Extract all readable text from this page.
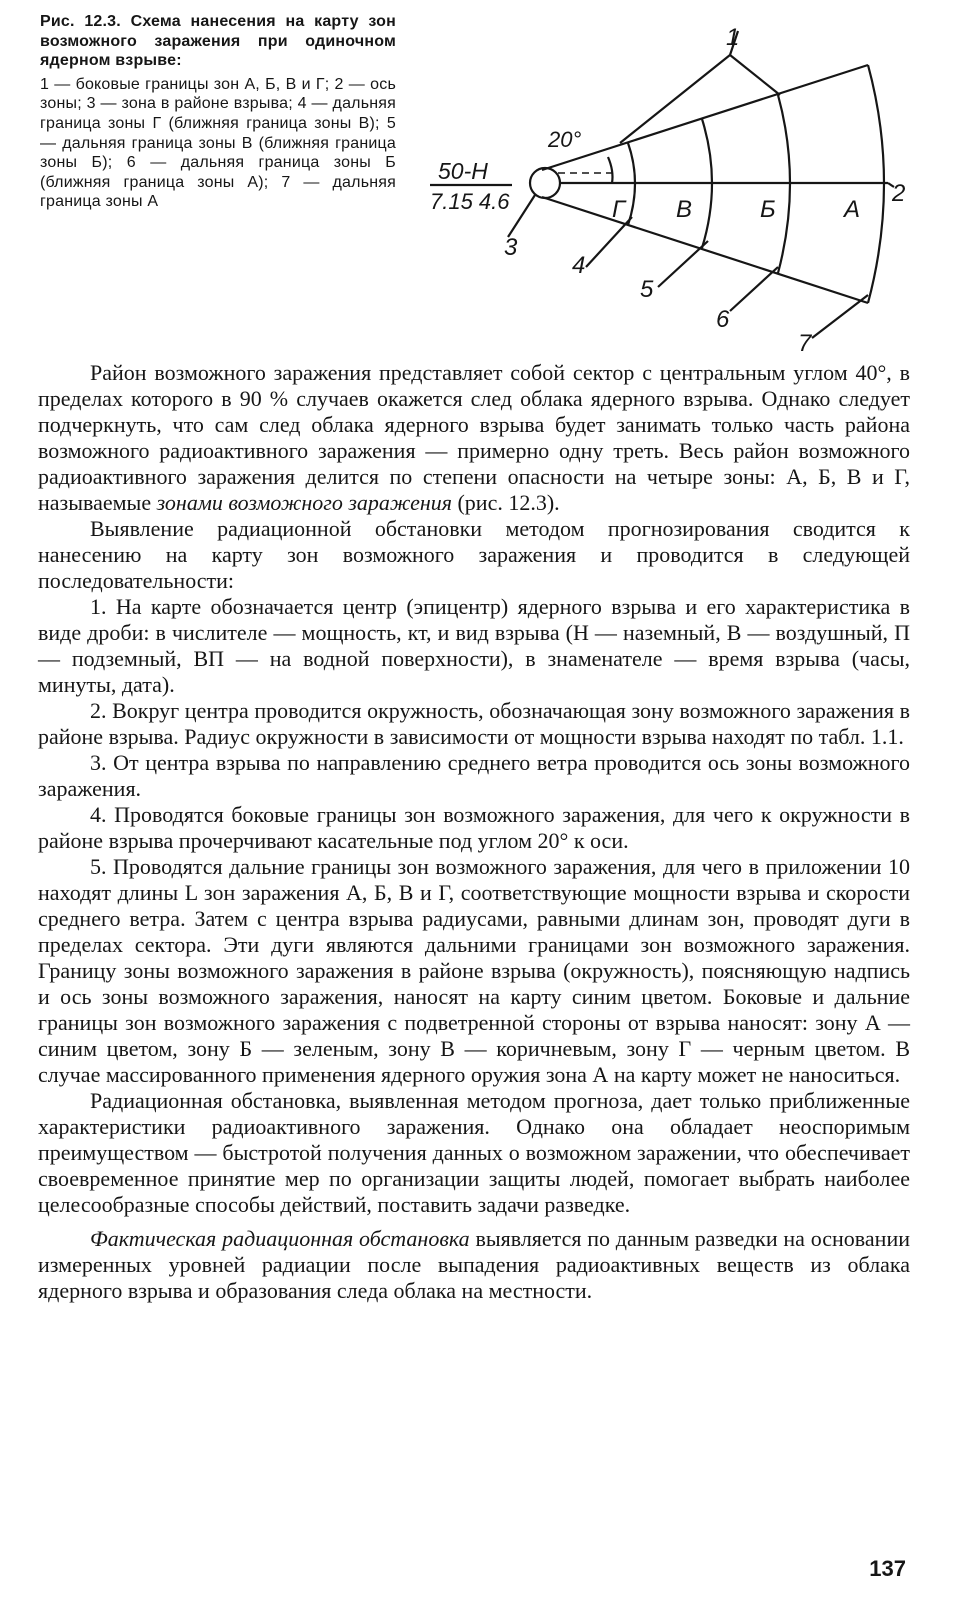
Рис. 12.3. Схема нанесения на карту зон возможного заражения при одиночном ядерном взрыве:
1 — боковые границы зон А, Б, В и Г; 2 — ось зоны; 3 — зона в районе взрыва; 4 — дальняя граница зоны Г (ближняя граница зоны В); 5 — дальняя граница зоны В (ближняя граница зоны Б); 6 — дальняя граница зоны Б (ближняя граница зоны А); 7 — дальняя граница зоны А
20°
50-Н
7.15 4.6	Г В	Б	А
1
2
3
4
5
6
7

Район возможного заражения представляет собой сектор с центральным углом 40°, в пределах которого в 90 % случаев окажется след облака ядерного взрыва. Однако следует подчеркнуть, что сам след облака ядерного взрыва будет занимать только часть района возможного радиоактивного заражения — примерно одну треть. Весь район возможного радиоактивного заражения делится по степени опасности на четыре зоны: А, Б, В и Г, называемые зонами возможного заражения (рис. 12.3).

Выявление радиационной обстановки методом прогнозирования сводится к нанесению на карту зон возможного заражения и проводится в следующей последовательности:

1. На карте обозначается центр (эпицентр) ядерного взрыва и его характеристика в виде дроби: в числителе — мощность, кт, и вид взрыва (Н — наземный, В — воздушный, П — подземный, ВП — на водной поверхности), в знаменателе — время взрыва (часы, минуты, дата).

2. Вокруг центра проводится окружность, обозначающая зону возможного заражения в районе взрыва. Радиус окружности в зависимости от мощности взрыва находят по табл. 1.1.

3. От центра взрыва по направлению среднего ветра проводится ось зоны возможного заражения.

4. Проводятся боковые границы зон возможного заражения, для чего к окружности в районе взрыва прочерчивают касательные под углом 20° к оси.

5. Проводятся дальние границы зон возможного заражения, для чего в приложении 10 находят длины L зон заражения А, Б, В и Г, соответствующие мощности взрыва и скорости среднего ветра. Затем с центра взрыва радиусами, равными длинам зон, проводят дуги в пределах сектора. Эти дуги являются дальними границами зон возможного заражения. Границу зоны возможного заражения в районе взрыва (окружность), поясняющую надпись и ось зоны возможного заражения, наносят на карту синим цветом. Боковые и дальние границы зон возможного заражения с подветренной стороны от взрыва наносят: зону А — синим цветом, зону Б — зеленым, зону В — коричневым, зону Г — черным цветом. В случае массированного применения ядерного оружия зона А на карту может не наноситься.

Радиационная обстановка, выявленная методом прогноза, дает только приближенные характеристики радиоактивного заражения. Однако она обладает неоспоримым преимуществом — быстротой получения данных о возможном заражении, что обеспечивает своевременное принятие мер по организации защиты людей, помогает выбрать наиболее целесообразные способы действий, поставить задачи разведке.

Фактическая радиационная обстановка выявляется по данным разведки на основании измеренных уровней радиации после выпадения радиоактивных веществ из облака ядерного взрыва и образования следа облака на местности.

137
